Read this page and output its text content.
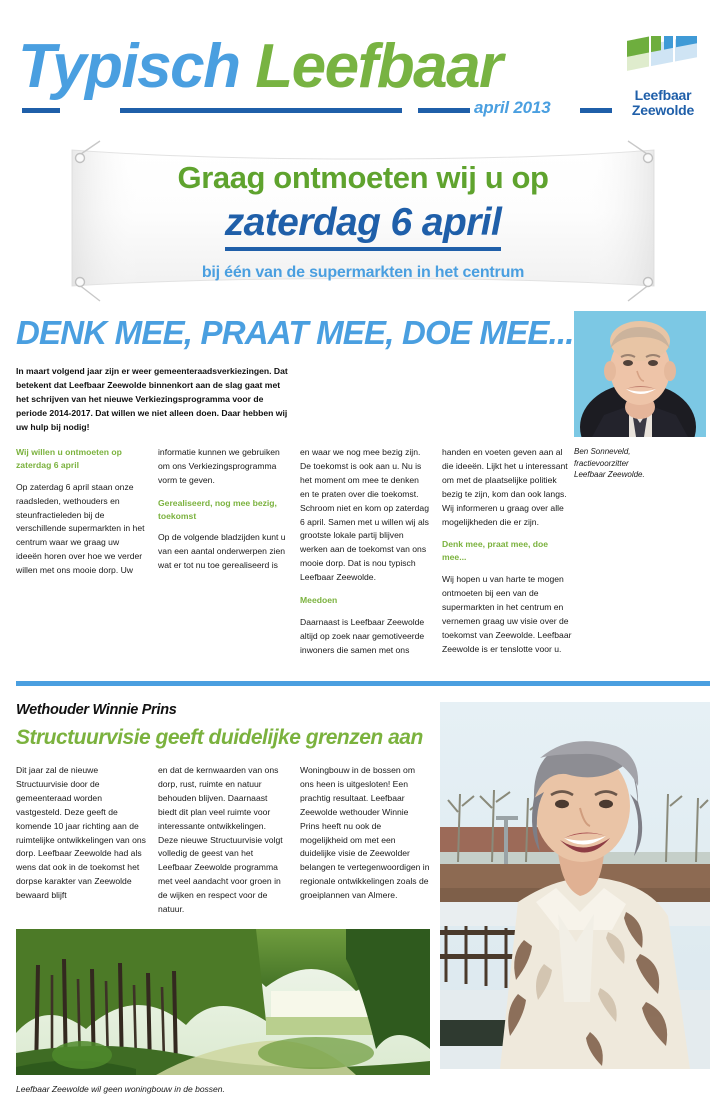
Typisch Leefbaar
april 2013
Leefbaar
Zeewolde
Graag ontmoeten wij u op
zaterdag 6 april
bij één van de supermarkten in het centrum
DENK MEE, PRAAT MEE, DOE MEE...
In maart volgend jaar zijn er weer gemeenteraadsverkiezingen. Dat betekent dat Leefbaar Zeewolde binnenkort aan de slag gaat met het schrijven van het nieuwe Verkiezingsprogramma voor de periode 2014-2017. Dat willen we niet alleen doen. Daar hebben wij uw hulp bij nodig!

Wij willen u ontmoeten op zaterdag 6 april

Op zaterdag 6 april staan onze raadsleden, wethouders en steunfractieleden bij de verschillende supermarkten in het centrum waar we graag uw ideeën horen over hoe we verder willen met ons mooie dorp. Uw

informatie kunnen we gebruiken om ons Verkiezingsprogramma vorm te geven.

Gerealiseerd, nog mee bezig, toekomst

Op de volgende bladzijden kunt u van een aantal onderwerpen zien wat er tot nu toe gerealiseerd is

en waar we nog mee bezig zijn. De toekomst is ook aan u. Nu is het moment om mee te denken en te praten over die toekomst. Schroom niet en kom op zaterdag 6 april. Samen met u willen wij als grootste lokale partij blijven werken aan de toekomst van ons mooie dorp. Dat is nou typisch Leefbaar Zeewolde.

Meedoen

Daarnaast is Leefbaar Zeewolde altijd op zoek naar gemotiveerde inwoners die samen met ons

handen en voeten geven aan al die ideeën. Lijkt het u interessant om met de plaatselijke politiek bezig te zijn, kom dan ook langs. Wij informeren u graag over alle mogelijkheden die er zijn.

Denk mee, praat mee, doe mee...

Wij hopen u van harte te mogen ontmoeten bij een van de supermarkten in het centrum en vernemen graag uw visie over de toekomst van Zeewolde. Leefbaar Zeewolde is er tenslotte voor u.

Ben Sonneveld,
fractievoorzitter
Leefbaar Zeewolde.
Wethouder Winnie Prins
Structuurvisie geeft duidelijke grenzen aan

Dit jaar zal de nieuwe Structuurvisie door de gemeenteraad worden vastgesteld. Deze geeft de komende 10 jaar richting aan de ruimtelijke ontwikkelingen van ons dorp. Leefbaar Zeewolde had als wens dat ook in de toekomst het dorpse karakter van Zeewolde bewaard blijft

en dat de kernwaarden van ons dorp, rust, ruimte en natuur behouden blijven. Daarnaast biedt dit plan veel ruimte voor interessante ontwikkelingen. Deze nieuwe Structuurvisie volgt volledig de geest van het Leefbaar Zeewolde programma met veel aandacht voor groen in de wijken en respect voor de natuur.

Woningbouw in de bossen om ons heen is uitgesloten! Een prachtig resultaat. Leefbaar Zeewolde wethouder Winnie Prins heeft nu ook de mogelijkheid om met een duidelijke visie de Zeewolder belangen te vertegenwoordigen in regionale ontwikkelingen zoals de groeiplannen van Almere.

Leefbaar Zeewolde wil geen woningbouw in de bossen.
